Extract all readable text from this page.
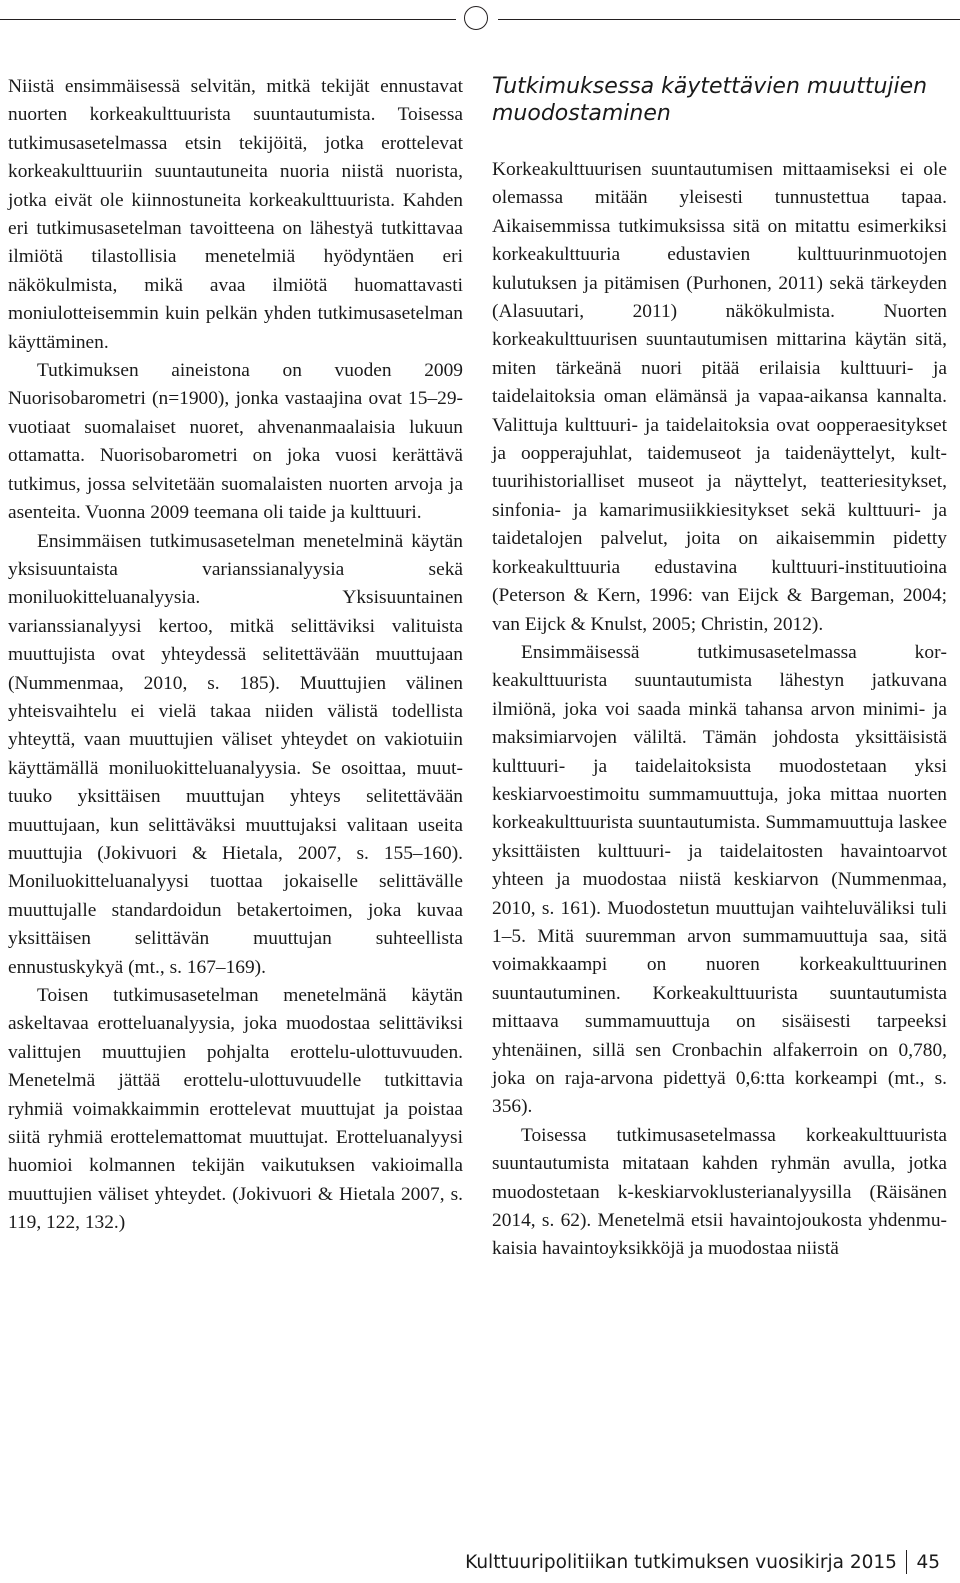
Niistä ensimmäisessä selvitän, mitkä tekijät ennustavat nuorten korkeakulttuurista suuntautumista. Toisessa tutkimusasetelmassa etsin tekijöitä, jotka erottelevat korkeakulttuuriin suuntautuneita nuoria niistä nuorista, jotka eivät ole kiinnostuneita korkeakulttuurista. Kahden eri tutkimusasetelman tavoitteena on lähestyä tutkittavaa ilmiötä tilastollisia menetelmiä hyödyntäen eri näkökulmista, mikä avaa ilmiötä huomattavasti moniulotteisemmin kuin pelkän yhden tutkimusasetelman käyttäminen.

Tutkimuksen aineistona on vuoden 2009 Nuorisobarometri (n=1900), jonka vastaajina ovat 15–29-vuotiaat suomalaiset nuoret, ahvenanmaalaisia lukuun ottamatta. Nuorisobarometri on joka vuosi kerättävä tutkimus, jossa selvitetään suomalaisten nuorten arvoja ja asenteita. Vuonna 2009 teemana oli taide ja kulttuuri.

Ensimmäisen tutkimusasetelman menetelminä käytän yksisuuntaista varianssianalyysia sekä moniluokitteluanalyysia. Yksisuuntainen varianssianalyysi kertoo, mitkä selittäviksi valituista muuttujista ovat yhteydessä selitettävään muuttujaan (Nummenmaa, 2010, s. 185). Muuttujien välinen yhteisvaihtelu ei vielä takaa niiden välistä todellista yhteyttä, vaan muuttujien väliset yhteydet on vakiotuiin käyttämällä moniluokitteluanalyysia. Se osoittaa, muuttuuko yksittäisen muuttujan yhteys selitettävään muuttujaan, kun selittäväksi muuttujaksi valitaan useita muuttujia (Jokivuori & Hietala, 2007, s. 155–160). Moniluokitteluanalyysi tuottaa jokaiselle selittävälle muuttujalle standardoidun betakertoimen, joka kuvaa yksittäisen selittävän muuttujan suhteellista ennustuskykyä (mt., s. 167–169).

Toisen tutkimusasetelman menetelmänä käytän askeltavaa erotteluanalyysia, joka muodostaa selittäviksi valittujen muuttujien pohjalta erottelu-ulottuvuuden. Menetelmä jättää erottelu-ulottuvuudelle tutkittavia ryhmiä voimakkaimmin erottelevat muuttujat ja poistaa siitä ryhmiä erottelemattomat muuttujat. Erotteluanalyysi huomioi kolmannen tekijän vaikutuksen vakioimalla muuttujien väliset yhteydet. (Jokivuori & Hietala 2007, s. 119, 122, 132.)

Tutkimuksessa käytettävien muuttujien muodostaminen

Korkeakulttuurisen suuntautumisen mittaamiseksi ei ole olemassa mitään yleisesti tunnustettua tapaa. Aikaisemmissa tutkimuksissa sitä on mitattu esimerkiksi korkeakulttuuria edustavien kulttuurinmuotojen kulutuksen ja pitämisen (Purhonen, 2011) sekä tärkeyden (Alasuutari, 2011) näkökulmista. Nuorten korkeakulttuurisen suuntautumisen mittarina käytän sitä, miten tärkeänä nuori pitää erilaisia kulttuuri- ja taidelaitoksia oman elämänsä ja vapaa-aikansa kannalta. Valittuja kulttuuri- ja taidelaitoksia ovat oopperaesitykset ja oopperajuhlat, taidemuseot ja taidenäyttelyt, kulttuurihistorialliset museot ja näyttelyt, teatteriesitykset, sinfonia- ja kamarimusiikkiesitykset sekä kulttuuri- ja taidetalojen palvelut, joita on aikaisemmin pidetty korkeakulttuuria edustavina kulttuuri-instituutioina (Peterson & Kern, 1996: van Eijck & Bargeman, 2004; van Eijck & Knulst, 2005; Christin, 2012).

Ensimmäisessä tutkimusasetelmassa korkeakulttuurista suuntautumista lähestyn jatkuvana ilmiönä, joka voi saada minkä tahansa arvon minimi- ja maksimiarvojen väliltä. Tämän johdosta yksittäisistä kulttuuri- ja taidelaitoksista muodostetaan yksi keskiarvoestimoitu summamuuttuja, joka mittaa nuorten korkeakulttuurista suuntautumista. Summamuuttuja laskee yksittäisten kulttuuri- ja taidelaitosten havaintoarvot yhteen ja muodostaa niistä keskiarvon (Nummenmaa, 2010, s. 161). Muodostetun muuttujan vaihteluväliksi tuli 1–5. Mitä suuremman arvon summamuuttuja saa, sitä voimakkaampi on nuoren korkeakulttuurinen suuntautuminen. Korkeakulttuurista suuntautumista mittaava summamuuttuja on sisäisesti tarpeeksi yhtenäinen, sillä sen Cronbachin alfakerroin on 0,780, joka on raja-arvona pidettyä 0,6:tta korkeampi (mt., s. 356).

Toisessa tutkimusasetelmassa korkeakulttuurista suuntautumista mitataan kahden ryhmän avulla, jotka muodostetaan k-keskiarvoklusterianalyysilla (Räisänen 2014, s. 62). Menetelmä etsii havaintojoukosta yhdenmukaisia havaintoyksikköjä ja muodostaa niistä

Kulttuuripolitiikan tutkimuksen vuosikirja 2015 45
